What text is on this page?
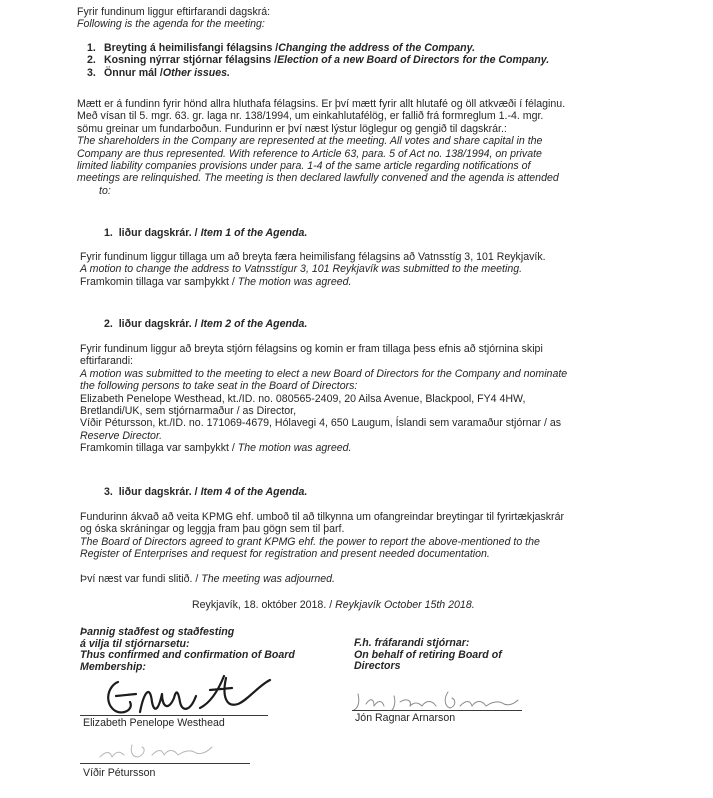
Fyrir fundinum liggur eftirfarandi dagskrá:

Following is the agenda for the meeting:

1. Breyting á heimilisfangi félagsins / Changing the address of the Company.
2. Kosning nýrrar stjórnar félagsins / Election of a new Board of Directors for the Company.
3. Önnur mál / Other issues.

Mætt er á fundinn fyrir hönd allra hluthafa félagsins. Er því mætt fyrir allt hlutafé og öll atkvæði í félaginu.

Með vísan til 5. mgr. 63. gr. laga nr. 138/1994, um einkahlutafélög, er fallið frá formreglum 1.-4. mgr.

sömu greinar um fundarboðun. Fundurinn er því næst lýstur löglegur og gengið til dagskrár.:

The shareholders in the Company are represented at the meeting. All votes and share capital in the

Company are thus represented. With reference to Article 63, para. 5 of Act no. 138/1994, on private

limited liability companies provisions under para. 1-4 of the same article regarding notifications of

meetings are relinquished. The meeting is then declared lawfully convened and the agenda is attended

to:

1. liður dagskrár. / Item 1 of the Agenda.

Fyrir fundinum liggur tillaga um að breyta færa heimilisfang félagsins að Vatnsstíg 3, 101 Reykjavík.

A motion to change the address to Vatnsstígur 3, 101 Reykjavík was submitted to the meeting.

Framkomin tillaga var samþykkt / The motion was agreed.

2. liður dagskrár. / Item 2 of the Agenda.

Fyrir fundinum liggur að breyta stjórn félagsins og komin er fram tillaga þess efnis að stjórnina skipi

eftirfarandi:

A motion was submitted to the meeting to elect a new Board of Directors for the Company and nominate

the following persons to take seat in the Board of Directors:

Elizabeth Penelope Westhead, kt./ID. no. 080565-2409, 20 Ailsa Avenue, Blackpool, FY4 4HW,

Bretlandi/UK, sem stjórnarmaður / as Director,

Víðir Pétursson, kt./ID. no. 171069-4679, Hólavegi 4, 650 Laugum, Íslandi sem varamaður stjórnar / as

Reserve Director.

Framkomin tillaga var samþykkt / The motion was agreed.

3. liður dagskrár. / Item 4 of the Agenda.

Fundurinn ákvað að veita KPMG ehf. umboð til að tilkynna um ofangreindar breytingar til fyrirtækjaskrár

og óska skráningar og leggja fram þau gögn sem til þarf.

The Board of Directors agreed to grant KPMG ehf. the power to report the above-mentioned to the

Register of Enterprises and request for registration and present needed documentation.

Því næst var fundi slitið. / The meeting was adjourned.

Reykjavík, 18. október 2018. / Reykjavík October 15th 2018.

Þannig staðfest og staðfesting

á vilja til stjórnarsetu:

Thus confirmed and confirmation of Board

Membership:

F.h. fráfarandi stjórnar:

On behalf of retiring Board of

Directors

Elizabeth Penelope Westhead	Jón Ragnar Arnarson

Víðir Pétursson
